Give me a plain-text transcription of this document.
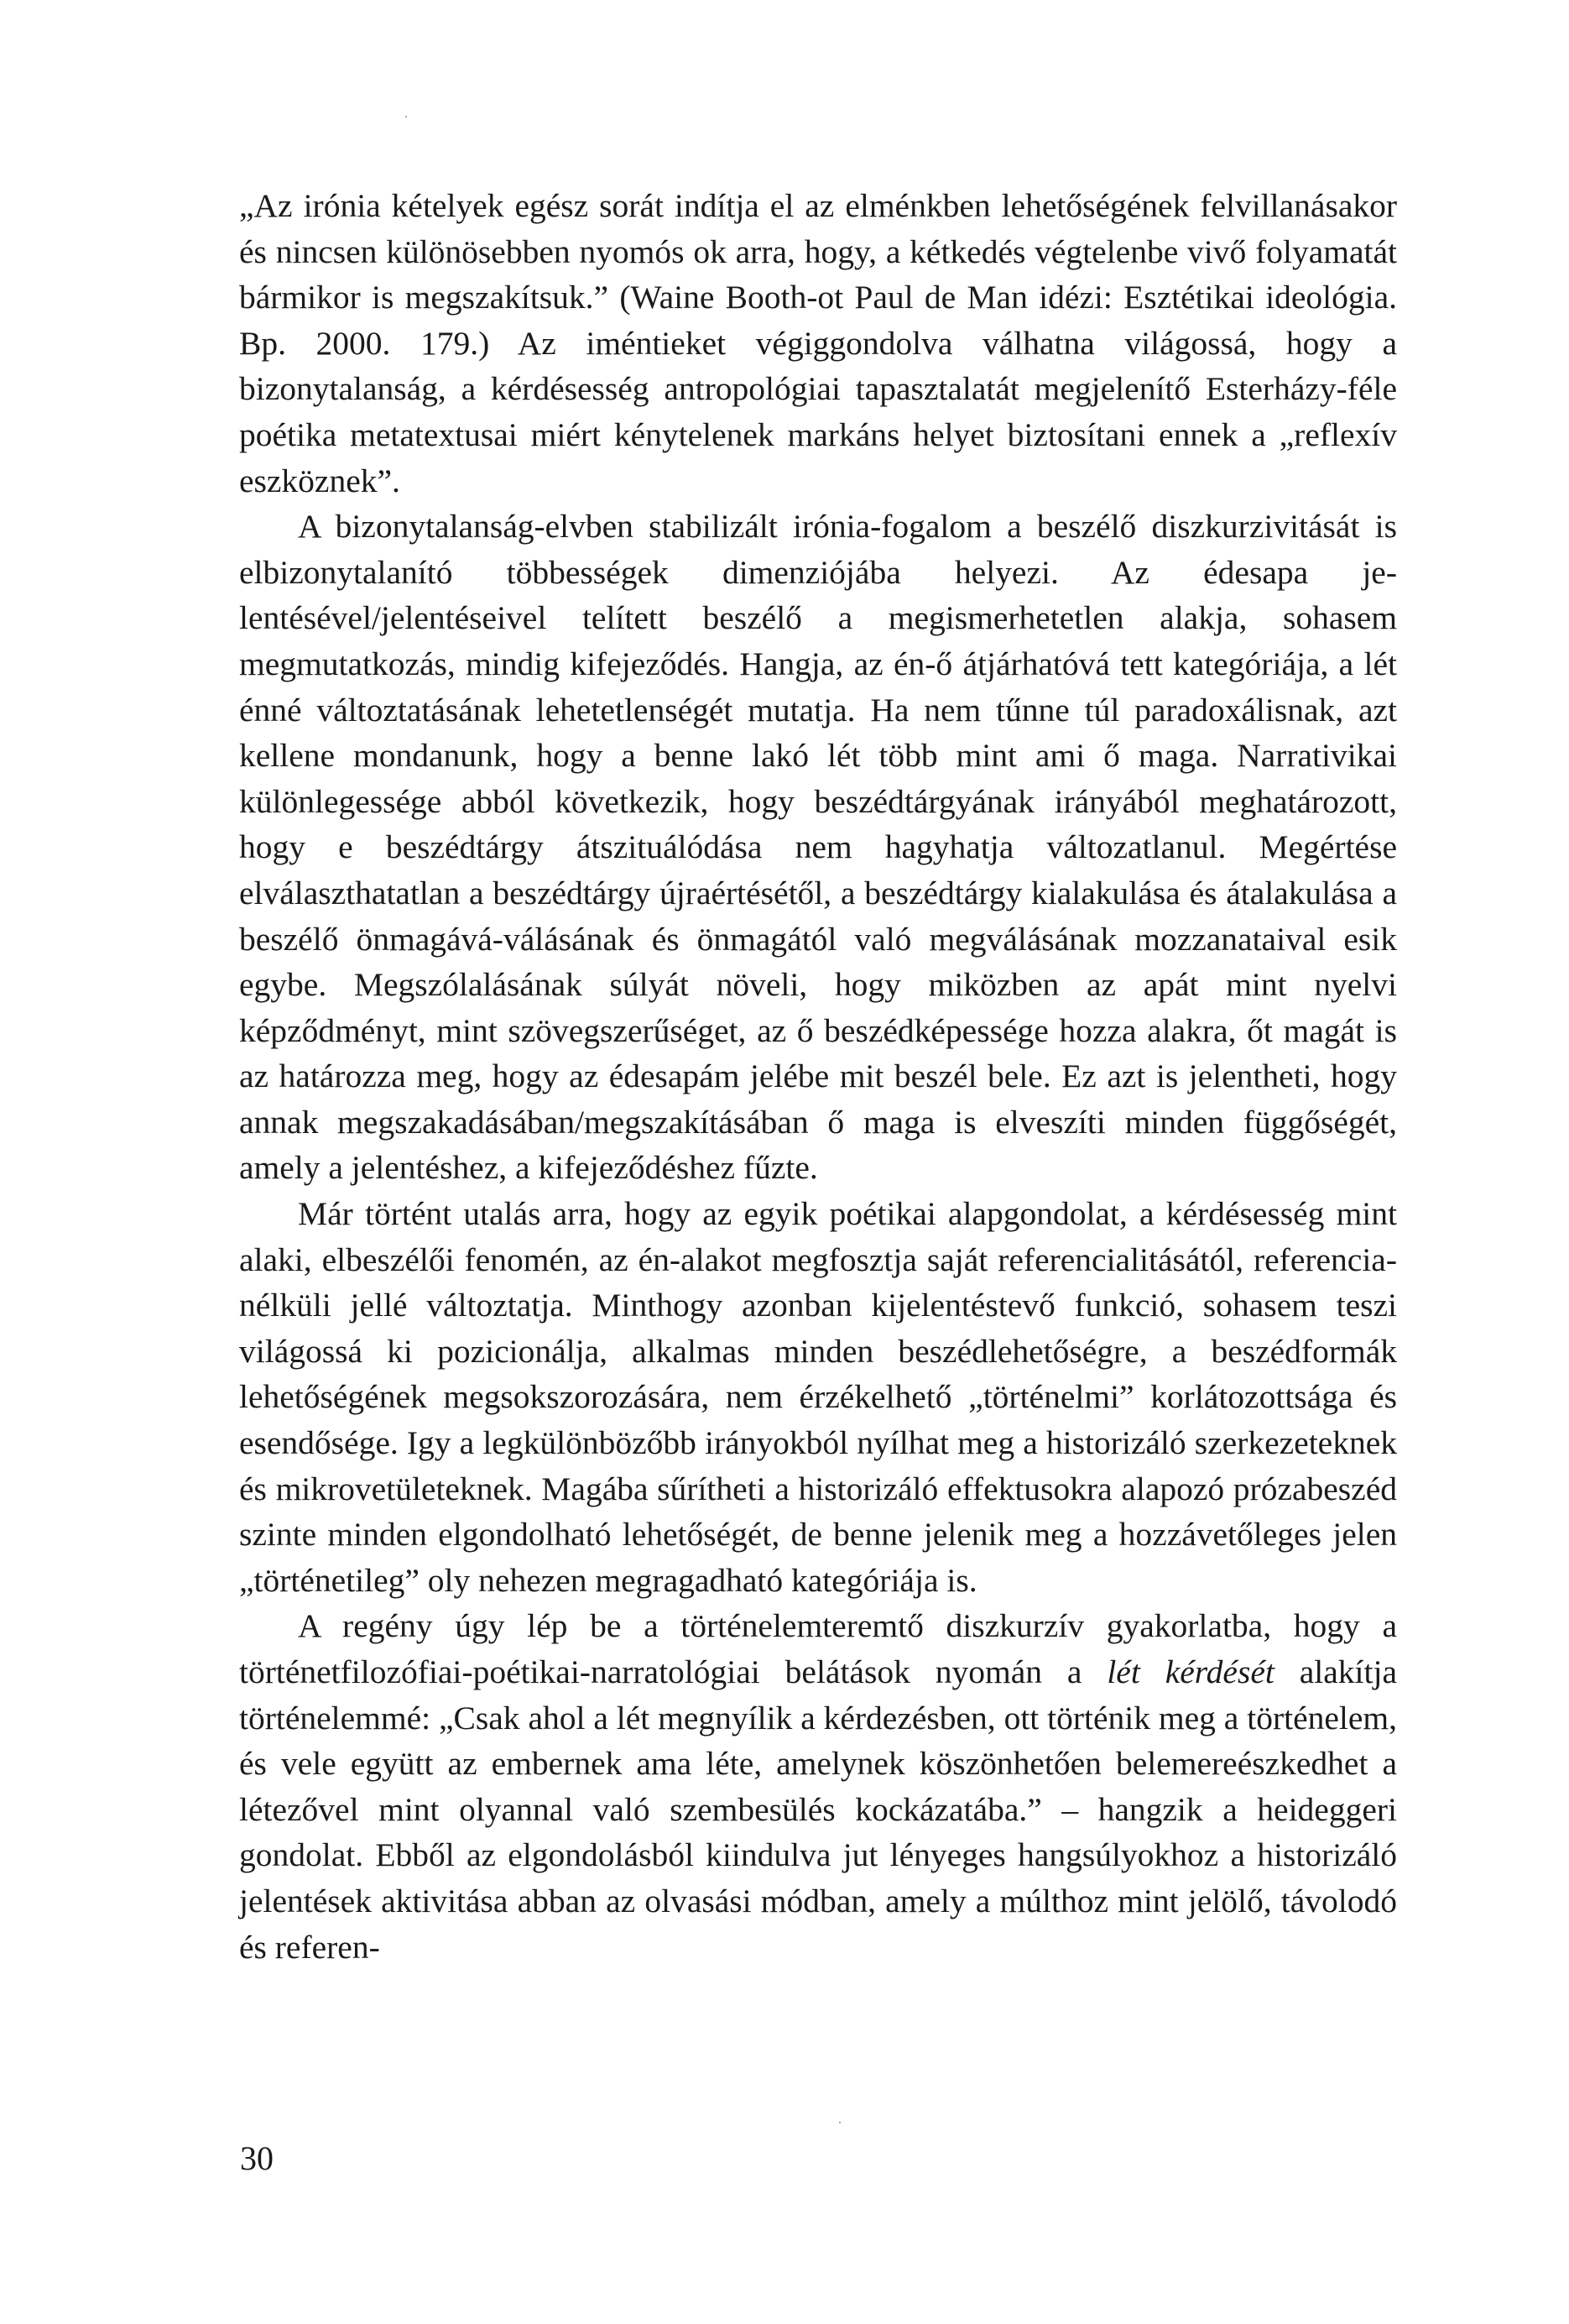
„Az irónia kételyek egész sorát indítja el az elménkben lehetőségének felvillanásakor és nincsen különösebben nyomós ok arra, hogy, a kétkedés végtelenbe vivő folyamatát bármikor is megszakítsuk.” (Waine Booth-ot Paul de Man idézi: Esztétikai ideológia. Bp. 2000. 179.) Az iméntieket végiggondolva válhatna világossá, hogy a bizonytalanság, a kérdésesség antropológiai tapasztalatát megjelenítő Esterházy-féle poétika metatextusai miért kénytelenek markáns helyet biztosítani ennek a „reflexív eszköznek”.

A bizonytalanság-elvben stabilizált irónia-fogalom a beszélő diszkurzivitását is elbizonytalanító többességek dimenziójába helyezi. Az édesapa jelentésével/jelentéseivel telített beszélő a megismerhetetlen alakja, sohasem megmutatkozás, mindig kifejeződés. Hangja, az én-ő átjárhatóvá tett kategóriája, a lét énné változtatásának lehetetlenségét mutatja. Ha nem tűnne túl paradoxálisnak, azt kellene mondanunk, hogy a benne lakó lét több mint ami ő maga. Narrativikai különlegessége abból következik, hogy beszédtárgyának irányából meghatározott, hogy e beszédtárgy átszituálódása nem hagyhatja változatlanul. Megértése elválaszthatatlan a beszédtárgy újraértésétől, a beszédtárgy kialakulása és átalakulása a beszélő önmagává-válásának és önmagától való megválásának mozzanataival esik egybe. Megszólalásának súlyát növeli, hogy miközben az apát mint nyelvi képződményt, mint szövegszerűséget, az ő beszédképessége hozza alakra, őt magát is az határozza meg, hogy az édesapám jelébe mit beszél bele. Ez azt is jelentheti, hogy annak megszakadásában/megszakításában ő maga is elveszíti minden függőségét, amely a jelentéshez, a kifejeződéshez fűzte.

Már történt utalás arra, hogy az egyik poétikai alapgondolat, a kérdésesség mint alaki, elbeszélői fenomén, az én-alakot megfosztja saját referencialitásától, referencia-nélküli jellé változtatja. Minthogy azonban kijelentéstevő funkció, sohasem teszi világossá ki pozicionálja, alkalmas minden beszédlehetőségre, a beszédformák lehetőségének megsokszorozására, nem érzékelhető „történelmi” korlátozottsága és esendősége. Igy a legkülönbözőbb irányokból nyílhat meg a historizáló szerkezeteknek és mikrovetületeknek. Magába sűrítheti a historizáló effektusokra alapozó prózabeszéd szinte minden elgondolható lehetőségét, de benne jelenik meg a hozzávetőleges jelen „történetileg” oly nehezen megragadható kategóriája is.

A regény úgy lép be a történelemteremtő diszkurzív gyakorlatba, hogy a történetfilozófiai-poétikai-narratológiai belátások nyomán a lét kérdését alakítja történelemmé: „Csak ahol a lét megnyílik a kérdezésben, ott történik meg a történelem, és vele együtt az embernek ama léte, amelynek köszönhetően belemereészkedhet a létezővel mint olyannal való szembesülés kockázatába.” – hangzik a heideggeri gondolat. Ebből az elgondolásból kiindulva jut lényeges hangsúlyokhoz a historizáló jelentések aktivitása abban az olvasási módban, amely a múlthoz mint jelölő, távolodó és referen-

30
